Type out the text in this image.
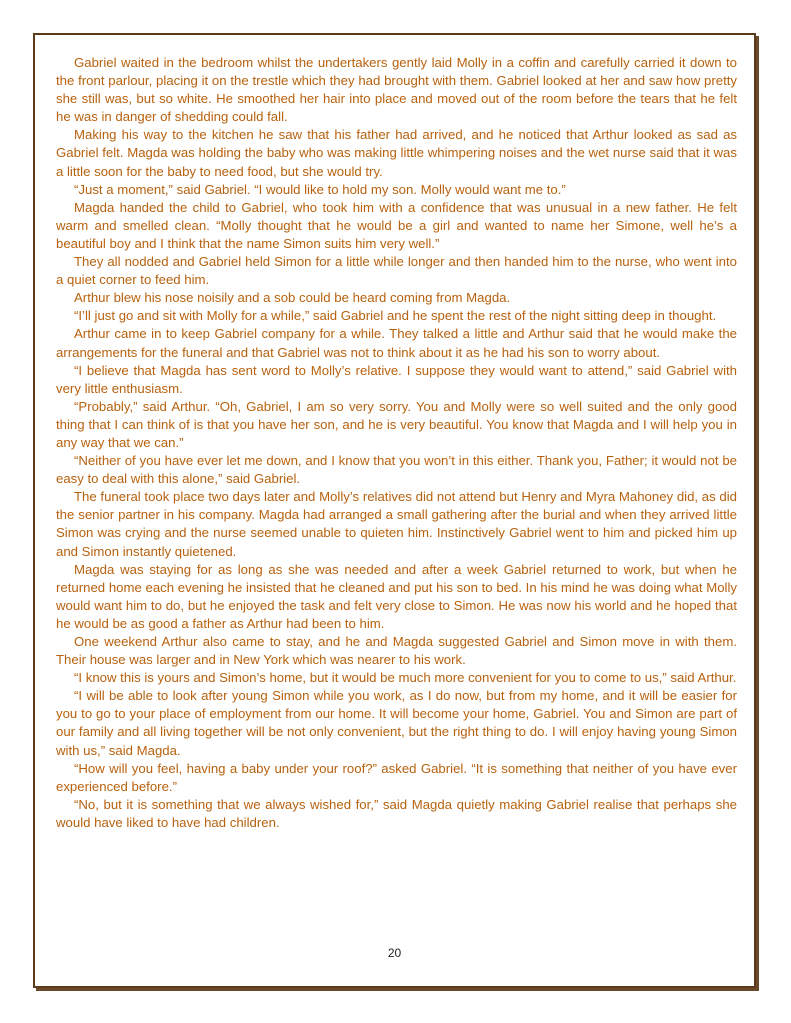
Gabriel waited in the bedroom whilst the undertakers gently laid Molly in a coffin and carefully carried it down to the front parlour, placing it on the trestle which they had brought with them. Gabriel looked at her and saw how pretty she still was, but so white. He smoothed her hair into place and moved out of the room before the tears that he felt he was in danger of shedding could fall.

Making his way to the kitchen he saw that his father had arrived, and he noticed that Arthur looked as sad as Gabriel felt. Magda was holding the baby who was making little whimpering noises and the wet nurse said that it was a little soon for the baby to need food, but she would try.

“Just a moment,” said Gabriel. “I would like to hold my son. Molly would want me to.”

Magda handed the child to Gabriel, who took him with a confidence that was unusual in a new father. He felt warm and smelled clean. “Molly thought that he would be a girl and wanted to name her Simone, well he’s a beautiful boy and I think that the name Simon suits him very well.”

They all nodded and Gabriel held Simon for a little while longer and then handed him to the nurse, who went into a quiet corner to feed him.

Arthur blew his nose noisily and a sob could be heard coming from Magda.

“I’ll just go and sit with Molly for a while,” said Gabriel and he spent the rest of the night sitting deep in thought.

Arthur came in to keep Gabriel company for a while. They talked a little and Arthur said that he would make the arrangements for the funeral and that Gabriel was not to think about it as he had his son to worry about.

“I believe that Magda has sent word to Molly’s relative. I suppose they would want to attend,” said Gabriel with very little enthusiasm.

“Probably,” said Arthur. “Oh, Gabriel, I am so very sorry. You and Molly were so well suited and the only good thing that I can think of is that you have her son, and he is very beautiful. You know that Magda and I will help you in any way that we can.”

“Neither of you have ever let me down, and I know that you won’t in this either. Thank you, Father; it would not be easy to deal with this alone,” said Gabriel.

The funeral took place two days later and Molly’s relatives did not attend but Henry and Myra Mahoney did, as did the senior partner in his company. Magda had arranged a small gathering after the burial and when they arrived little Simon was crying and the nurse seemed unable to quieten him. Instinctively Gabriel went to him and picked him up and Simon instantly quietened.

Magda was staying for as long as she was needed and after a week Gabriel returned to work, but when he returned home each evening he insisted that he cleaned and put his son to bed. In his mind he was doing what Molly would want him to do, but he enjoyed the task and felt very close to Simon. He was now his world and he hoped that he would be as good a father as Arthur had been to him.

One weekend Arthur also came to stay, and he and Magda suggested Gabriel and Simon move in with them. Their house was larger and in New York which was nearer to his work.

“I know this is yours and Simon’s home, but it would be much more convenient for you to come to us,” said Arthur.

“I will be able to look after young Simon while you work, as I do now, but from my home, and it will be easier for you to go to your place of employment from our home. It will become your home, Gabriel. You and Simon are part of our family and all living together will be not only convenient, but the right thing to do. I will enjoy having young Simon with us,” said Magda.

“How will you feel, having a baby under your roof?” asked Gabriel. “It is something that neither of you have ever experienced before.”

“No, but it is something that we always wished for,” said Magda quietly making Gabriel realise that perhaps she would have liked to have had children.

20
